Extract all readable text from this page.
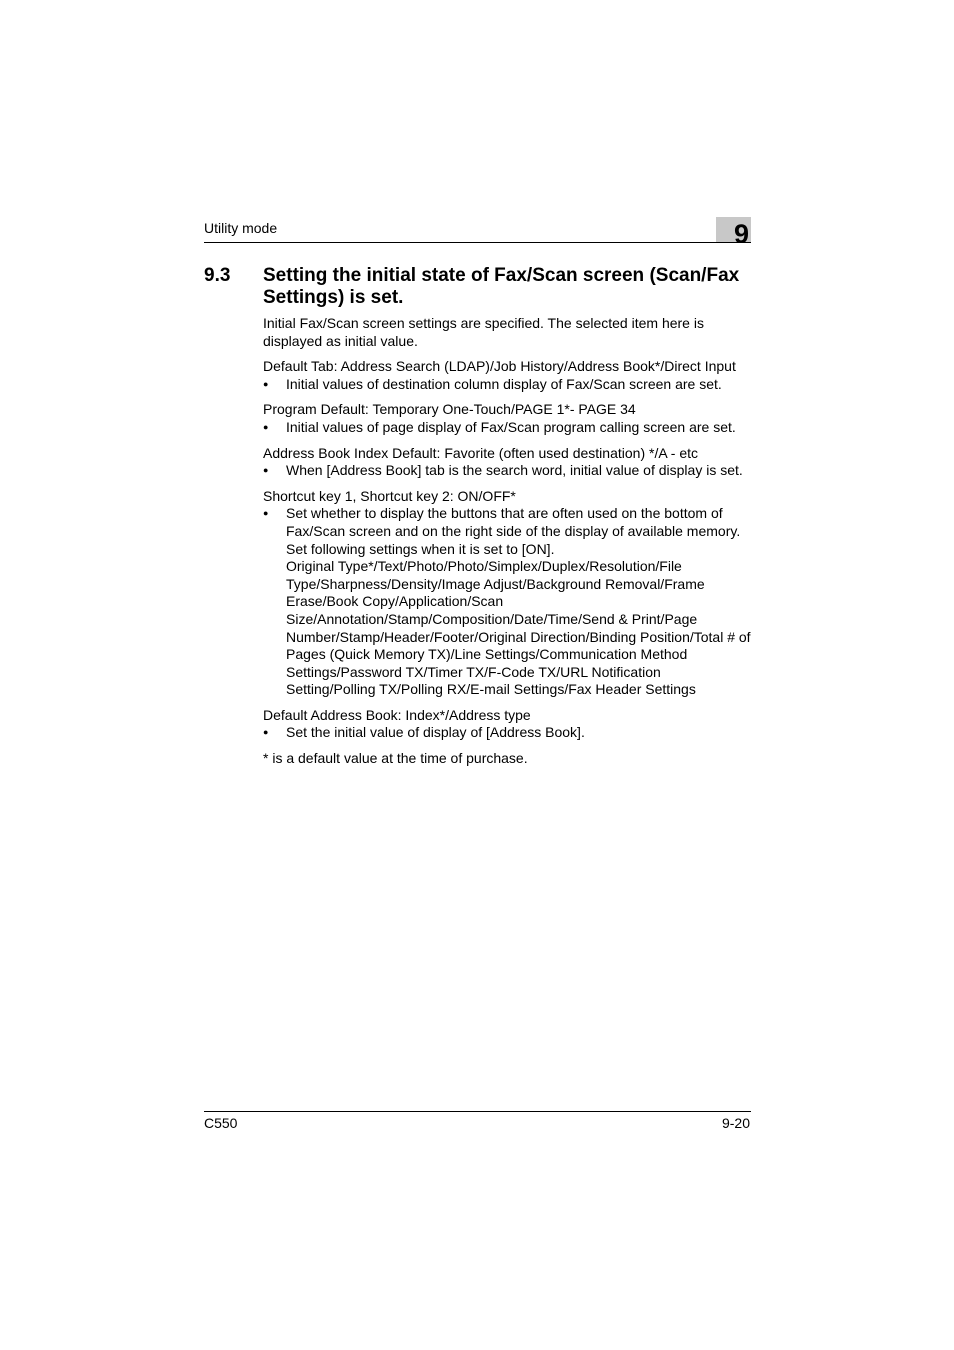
Utility mode	9
9.3 Setting the initial state of Fax/Scan screen (Scan/Fax Settings) is set.

Initial Fax/Scan screen settings are specified. The selected item here is displayed as initial value.

Default Tab: Address Search (LDAP)/Job History/Address Book*/Direct Input

● Initial values of destination column display of Fax/Scan screen are set.

Program Default: Temporary One-Touch/PAGE 1*- PAGE 34

● Initial values of page display of Fax/Scan program calling screen are set.

Address Book Index Default: Favorite (often used destination) */A - etc

● When [Address Book] tab is the search word, initial value of display is set.

Shortcut key 1, Shortcut key 2: ON/OFF*

● Set whether to display the buttons that are often used on the bottom of Fax/Scan screen and on the right side of the display of available memory. Set following settings when it is set to [ON].
Original Type*/Text/Photo/Photo/Simplex/Duplex/Resolution/File Type/Sharpness/Density/Image Adjust/Background Removal/Frame Erase/Book Copy/Application/Scan Size/Annotation/Stamp/Composition/Date/Time/Send & Print/Page Number/Stamp/Header/Footer/Original Direction/Binding Position/Total # of Pages (Quick Memory TX)/Line Settings/Communication Method Settings/Password TX/Timer TX/F-Code TX/URL Notification Setting/Polling TX/Polling RX/E-mail Settings/Fax Header Settings

Default Address Book: Index*/Address type

● Set the initial value of display of [Address Book].

* is a default value at the time of purchase.

C550	9-20
